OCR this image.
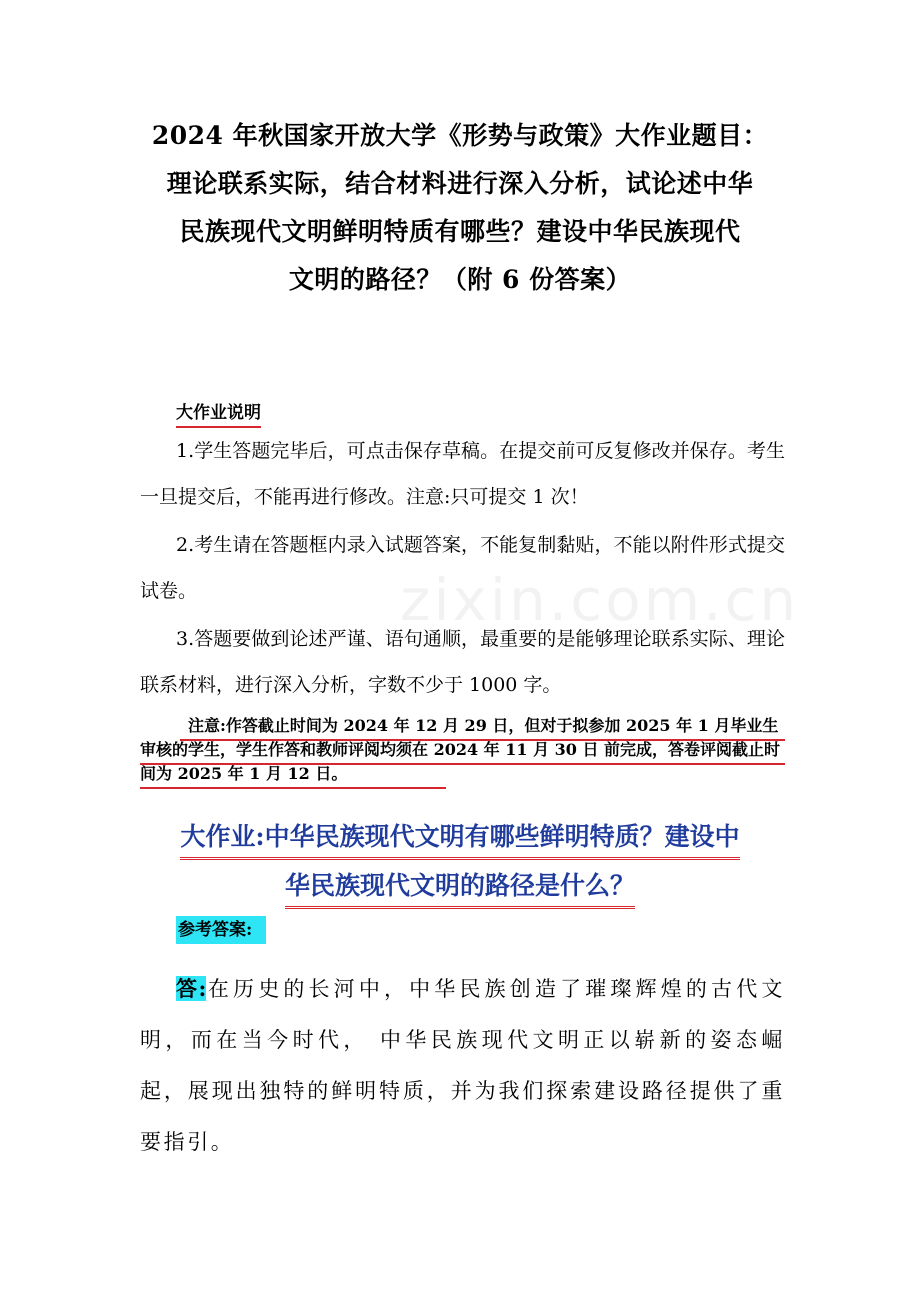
2024 年秋国家开放大学《形势与政策》大作业题目：
理论联系实际，结合材料进行深入分析，试论述中华
民族现代文明鲜明特质有哪些？建设中华民族现代
文明的路径？（附 6 份答案）
大作业说明
1.学生答题完毕后，可点击保存草稿。在提交前可反复修改并保存。考生一旦提交后，不能再进行修改。注意:只可提交 1 次！
2.考生请在答题框内录入试题答案，不能复制黏贴，不能以附件形式提交试卷。
3.答题要做到论述严谨、语句通顺，最重要的是能够理论联系实际、理论联系材料，进行深入分析，字数不少于 1000 字。
zixin.com.cn
注意:作答截止时间为 2024 年 12 月 29 日，但对于拟参加 2025 年 1 月毕业生审核的学生，学生作答和教师评阅均须在 2024 年 11 月 30 日 前完成，答卷评阅截止时间为 2025 年 1 月 12 日。
大作业:中华民族现代文明有哪些鲜明特质？建设中
华民族现代文明的路径是什么？
参考答案:
答:在历史的长河中，中华民族创造了璀璨辉煌的古代文明，而在当今时代， 中华民族现代文明正以崭新的姿态崛起，展现出独特的鲜明特质，并为我们探索建设路径提供了重要指引。
